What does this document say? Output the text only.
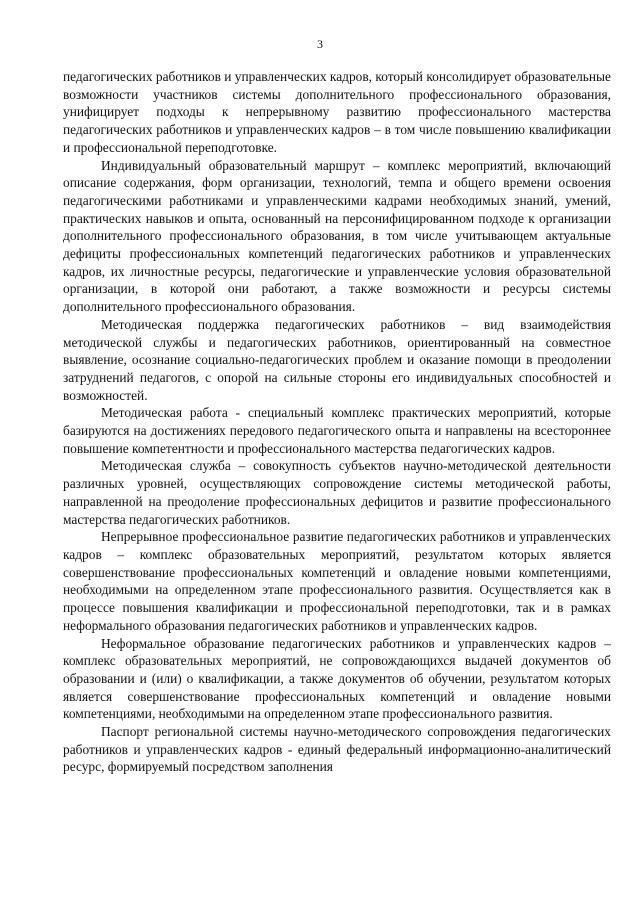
3

педагогических работников и управленческих кадров, который консолидирует образовательные возможности участников системы дополнительного профессионального образования, унифицирует подходы к непрерывному развитию профессионального мастерства педагогических работников и управленческих кадров – в том числе повышению квалификации и профессиональной переподготовке.

Индивидуальный образовательный маршрут – комплекс мероприятий, включающий описание содержания, форм организации, технологий, темпа и общего времени освоения педагогическими работниками и управленческими кадрами необходимых знаний, умений, практических навыков и опыта, основанный на персонифицированном подходе к организации дополнительного профессионального образования, в том числе учитывающем актуальные дефициты профессиональных компетенций педагогических работников и управленческих кадров, их личностные ресурсы, педагогические и управленческие условия образовательной организации, в которой они работают, а также возможности и ресурсы системы дополнительного профессионального образования.

Методическая поддержка педагогических работников – вид взаимодействия методической службы и педагогических работников, ориентированный на совместное выявление, осознание социально-педагогических проблем и оказание помощи в преодолении затруднений педагогов, с опорой на сильные стороны его индивидуальных способностей и возможностей.

Методическая работа - специальный комплекс практических мероприятий, которые базируются на достижениях передового педагогического опыта и направлены на всестороннее повышение компетентности и профессионального мастерства педагогических кадров.

Методическая служба – совокупность субъектов научно-методической деятельности различных уровней, осуществляющих сопровождение системы методической работы, направленной на преодоление профессиональных дефицитов и развитие профессионального мастерства педагогических работников.

Непрерывное профессиональное развитие педагогических работников и управленческих кадров – комплекс образовательных мероприятий, результатом которых является совершенствование профессиональных компетенций и овладение новыми компетенциями, необходимыми на определенном этапе профессионального развития. Осуществляется как в процессе повышения квалификации и профессиональной переподготовки, так и в рамках неформального образования педагогических работников и управленческих кадров.

Неформальное образование педагогических работников и управленческих кадров – комплекс образовательных мероприятий, не сопровождающихся выдачей документов об образовании и (или) о квалификации, а также документов об обучении, результатом которых является совершенствование профессиональных компетенций и овладение новыми компетенциями, необходимыми на определенном этапе профессионального развития.

Паспорт региональной системы научно-методического сопровождения педагогических работников и управленческих кадров - единый федеральный информационно-аналитический ресурс, формируемый посредством заполнения
